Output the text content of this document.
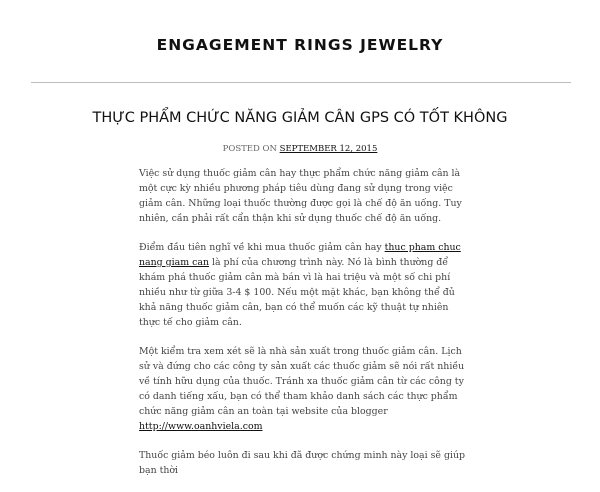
ENGAGEMENT RINGS JEWELRY
THỰC PHẨM CHỨC NĂNG GIẢM CÂN GPS CÓ TỐT KHÔNG
POSTED ON SEPTEMBER 12, 2015

Việc sử dụng thuốc giảm cân hay thực phẩm chức năng giảm cân là một cực kỳ nhiều phương pháp tiêu dùng đang sử dụng trong việc giảm cân. Những loại thuốc thường được gọi là chế độ ăn uống. Tuy nhiên, cần phải rất cẩn thận khi sử dụng thuốc chế độ ăn uống.

Điểm đầu tiên nghĩ về khi mua thuốc giảm cân hay thuc pham chuc nang giam can là phí của chương trình này. Nó là bình thường để khám phá thuốc giảm cân mà bán vì là hai triệu và một số chi phí nhiều như từ giữa 3-4 $ 100. Nếu một mặt khác, bạn không thể đủ khả năng thuốc giảm cân, bạn có thể muốn các kỹ thuật tự nhiên thực tế cho giảm cân.

Một kiểm tra xem xét sẽ là nhà sản xuất trong thuốc giảm cân. Lịch sử và đứng cho các công ty sản xuất các thuốc giảm sẽ nói rất nhiều về tính hữu dụng của thuốc. Tránh xa thuốc giảm cân từ các công ty có danh tiếng xấu, bạn có thể tham khảo danh sách các thực phẩm chức năng giảm cân an toàn tại website của blogger http://www.oanhviela.com

Thuốc giảm béo luôn đi sau khi đã được chứng minh này loại sẽ giúp bạn thời
